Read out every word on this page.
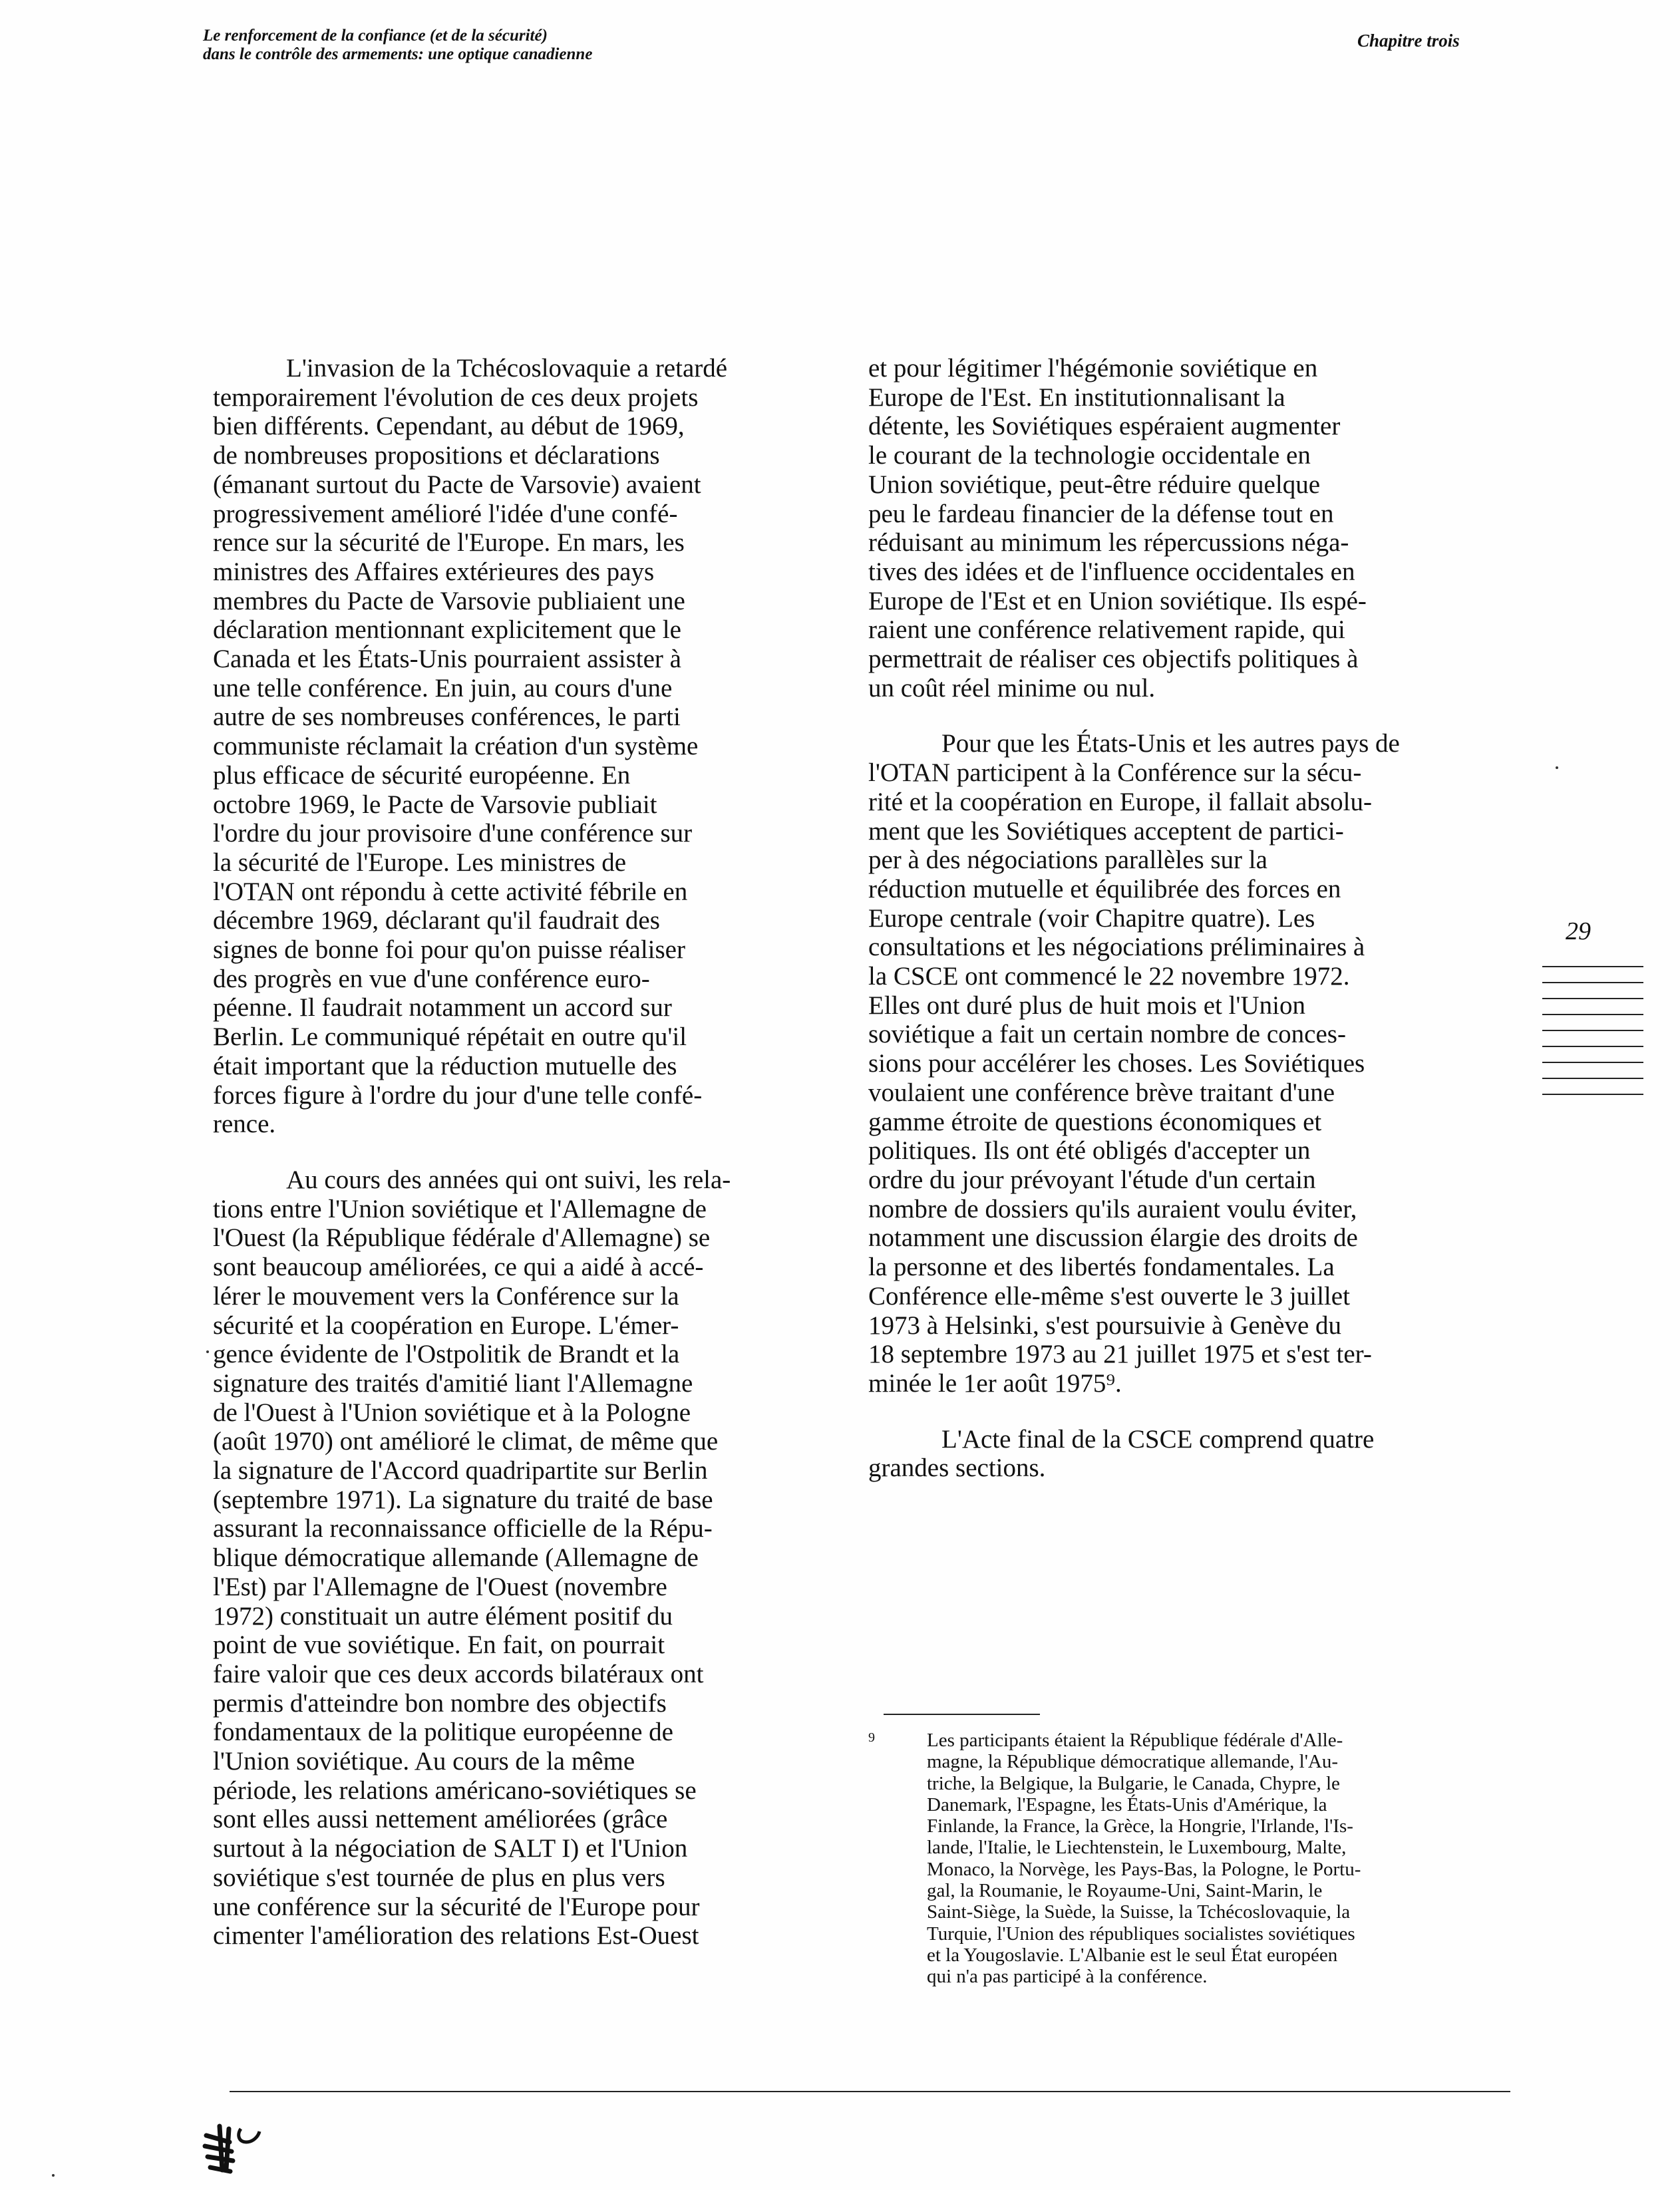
Le renforcement de la confiance (et de la sécurité)
dans le contrôle des armements: une optique canadienne
Chapitre trois

L'invasion de la Tchécoslovaquie a retardé
temporairement l'évolution de ces deux projets
bien différents. Cependant, au début de 1969,
de nombreuses propositions et déclarations
(émanant surtout du Pacte de Varsovie) avaient
progressivement amélioré l'idée d'une confé-
rence sur la sécurité de l'Europe. En mars, les
ministres des Affaires extérieures des pays
membres du Pacte de Varsovie publiaient une
déclaration mentionnant explicitement que le
Canada et les États-Unis pourraient assister à
une telle conférence. En juin, au cours d'une
autre de ses nombreuses conférences, le parti
communiste réclamait la création d'un système
plus efficace de sécurité européenne. En
octobre 1969, le Pacte de Varsovie publiait
l'ordre du jour provisoire d'une conférence sur
la sécurité de l'Europe. Les ministres de
l'OTAN ont répondu à cette activité fébrile en
décembre 1969, déclarant qu'il faudrait des
signes de bonne foi pour qu'on puisse réaliser
des progrès en vue d'une conférence euro-
péenne. Il faudrait notamment un accord sur
Berlin. Le communiqué répétait en outre qu'il
était important que la réduction mutuelle des
forces figure à l'ordre du jour d'une telle confé-
rence.

Au cours des années qui ont suivi, les rela-
tions entre l'Union soviétique et l'Allemagne de
l'Ouest (la République fédérale d'Allemagne) se
sont beaucoup améliorées, ce qui a aidé à accé-
lérer le mouvement vers la Conférence sur la
sécurité et la coopération en Europe. L'émer-
gence évidente de l'Ostpolitik de Brandt et la
signature des traités d'amitié liant l'Allemagne
de l'Ouest à l'Union soviétique et à la Pologne
(août 1970) ont amélioré le climat, de même que
la signature de l'Accord quadripartite sur Berlin
(septembre 1971). La signature du traité de base
assurant la reconnaissance officielle de la Répu-
blique démocratique allemande (Allemagne de
l'Est) par l'Allemagne de l'Ouest (novembre
1972) constituait un autre élément positif du
point de vue soviétique. En fait, on pourrait
faire valoir que ces deux accords bilatéraux ont
permis d'atteindre bon nombre des objectifs
fondamentaux de la politique européenne de
l'Union soviétique. Au cours de la même
période, les relations américano-soviétiques se
sont elles aussi nettement améliorées (grâce
surtout à la négociation de SALT I) et l'Union
soviétique s'est tournée de plus en plus vers
une conférence sur la sécurité de l'Europe pour
cimenter l'amélioration des relations Est-Ouest

et pour légitimer l'hégémonie soviétique en
Europe de l'Est. En institutionnalisant la
détente, les Soviétiques espéraient augmenter
le courant de la technologie occidentale en
Union soviétique, peut-être réduire quelque
peu le fardeau financier de la défense tout en
réduisant au minimum les répercussions néga-
tives des idées et de l'influence occidentales en
Europe de l'Est et en Union soviétique. Ils espé-
raient une conférence relativement rapide, qui
permettrait de réaliser ces objectifs politiques à
un coût réel minime ou nul.

Pour que les États-Unis et les autres pays de
l'OTAN participent à la Conférence sur la sécu-
rité et la coopération en Europe, il fallait absolu-
ment que les Soviétiques acceptent de partici-
per à des négociations parallèles sur la
réduction mutuelle et équilibrée des forces en
Europe centrale (voir Chapitre quatre). Les
consultations et les négociations préliminaires à
la CSCE ont commencé le 22 novembre 1972.
Elles ont duré plus de huit mois et l'Union
soviétique a fait un certain nombre de conces-
sions pour accélérer les choses. Les Soviétiques
voulaient une conférence brève traitant d'une
gamme étroite de questions économiques et
politiques. Ils ont été obligés d'accepter un
ordre du jour prévoyant l'étude d'un certain
nombre de dossiers qu'ils auraient voulu éviter,
notamment une discussion élargie des droits de
la personne et des libertés fondamentales. La
Conférence elle-même s'est ouverte le 3 juillet
1973 à Helsinki, s'est poursuivie à Genève du
18 septembre 1973 au 21 juillet 1975 et s'est ter-
minée le 1er août 1975⁹.

L'Acte final de la CSCE comprend quatre
grandes sections.

29
9	Les participants étaient la République fédérale d'Alle-
magne, la République démocratique allemande, l'Au-
triche, la Belgique, la Bulgarie, le Canada, Chypre, le
Danemark, l'Espagne, les États-Unis d'Amérique, la
Finlande, la France, la Grèce, la Hongrie, l'Irlande, l'Is-
lande, l'Italie, le Liechtenstein, le Luxembourg, Malte,
Monaco, la Norvège, les Pays-Bas, la Pologne, le Portu-
gal, la Roumanie, le Royaume-Uni, Saint-Marin, le
Saint-Siège, la Suède, la Suisse, la Tchécoslovaquie, la
Turquie, l'Union des républiques socialistes soviétiques
et la Yougoslavie. L'Albanie est le seul État européen
qui n'a pas participé à la conférence.
